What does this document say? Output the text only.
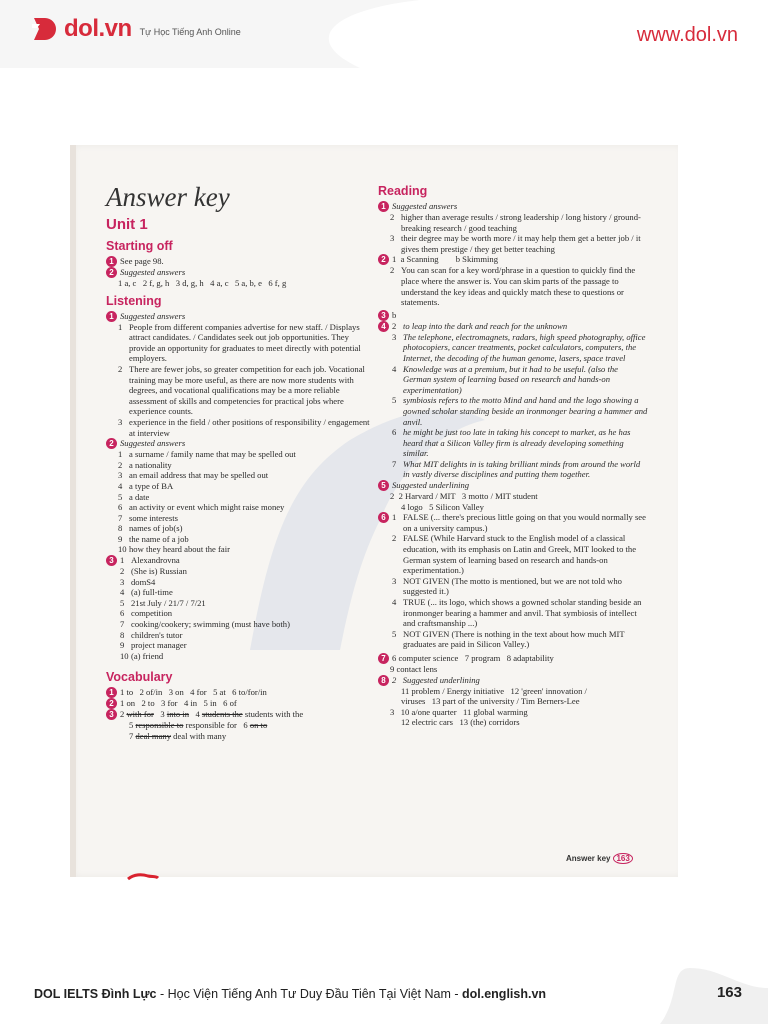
dol.vn Tự Học Tiếng Anh Online	www.dol.vn
Answer key
Unit 1
Starting off
1 See page 98.
2 Suggested answers
1 a, c   2 f, g, h   3 d, g, h   4 a, c   5 a, b, e   6 f, g
Listening
1 Suggested answers
1 People from different companies advertise for new staff. / Displays attract candidates. / Candidates seek out job opportunities. They provide an opportunity for graduates to meet directly with potential employers.
2 There are fewer jobs, so greater competition for each job. Vocational training may be more useful, as there are now more students with degrees, and vocational qualifications may be a more reliable assessment of skills and competencies for practical jobs where experience counts.
3 experience in the field / other positions of responsibility / engagement at interview
2 Suggested answers
1 a surname / family name that may be spelled out
2 a nationality
3 an email address that may be spelled out
4 a type of BA
5 a date
6 an activity or event which might raise money
7 some interests
8 names of job(s)
9 the name of a job
10 how they heard about the fair
3 1 Alexandrovna
2 (She is) Russian
3 domS4
4 (a) full-time
5 21st July / 21/7 / 7/21
6 competition
7 cooking/cookery; swimming (must have both)
8 children's tutor
9 project manager
10 (a) friend
Vocabulary
1 1 to   2 of/in   3 on   4 for   5 at   6 to/for/in
2 1 on   2 to   3 for   4 in   5 in   6 of
3 2 with for 3 into in 4 students the students with the
5 responsible to responsible for 6 on to
7 deal many deal with many
Reading
1 Suggested answers
2 higher than average results / strong leadership / long history / ground-breaking research / good teaching
3 their degree may be worth more / it may help them get a better job / it gives them prestige / they get better teaching
2 1  a Scanning        b Skimming
2 You can scan for a key word/phrase in a question to quickly find the place where the answer is. You can skim parts of the passage to understand the key ideas and quickly match these to questions or statements.
3 b
4 2 to leap into the dark and reach for the unknown
3 The telephone, electromagnets, radars, high speed photography, office photocopiers, cancer treatments, pocket calculators, computers, the Internet, the decoding of the human genome, lasers, space travel
4 Knowledge was at a premium, but it had to be useful. (also the German system of learning based on research and hands-on experimentation)
5 symbiosis refers to the motto Mind and hand and the logo showing a gowned scholar standing beside an ironmonger bearing a hammer and anvil.
6 he might be just too late in taking his concept to market, as he has heard that a Silicon Valley firm is already developing something similar.
7 What MIT delights in is taking brilliant minds from around the world in vastly diverse disciplines and putting them together.
5 Suggested underlining
2  2 Harvard / MIT   3 motto / MIT student
4 logo   5 Silicon Valley
6 1 FALSE (... there's precious little going on that you would normally see on a university campus.)
2 FALSE (While Harvard stuck to the English model of a classical education, with its emphasis on Latin and Greek, MIT looked to the German system of learning based on research and hands-on experimentation.)
3 NOT GIVEN (The motto is mentioned, but we are not told who suggested it.)
4 TRUE (... its logo, which shows a gowned scholar standing beside an ironmonger bearing a hammer and anvil. That symbiosis of intellect and craftsmanship ...)
5 NOT GIVEN (There is nothing in the text about how much MIT graduates are paid in Silicon Valley.)
7 6 computer science   7 program   8 adaptability
9 contact lens
8 2   Suggested underlining
11 problem / Energy initiative   12 'green' innovation /
viruses   13 part of the university / Tim Berners-Lee
3   10 a/one quarter   11 global warming
12 electric cars   13 (the) corridors
Answer key 163
DOL IELTS Đình Lực - Học Viện Tiếng Anh Tư Duy Đầu Tiên Tại Việt Nam - dol.english.vn	163
